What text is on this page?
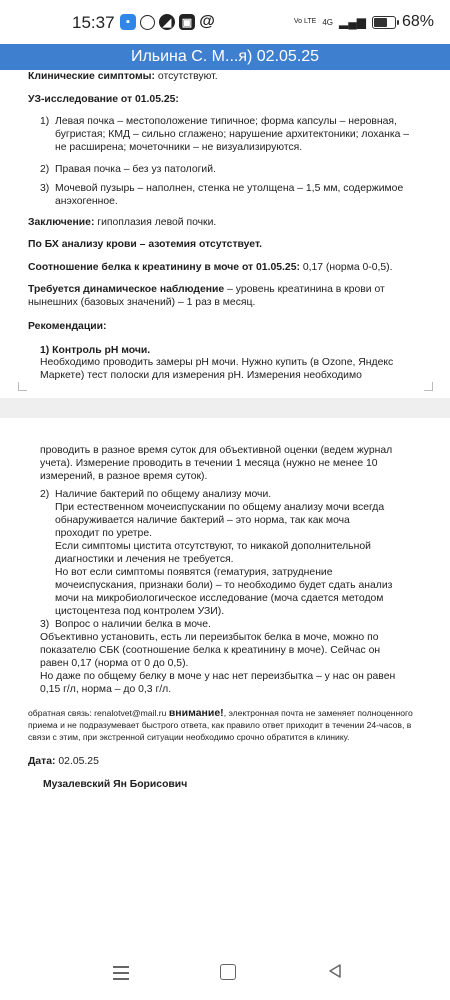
15:37	▪	◢ ▣ @	Vo LTE 4G ▂▄▆ 68%
Ильина С. М...я) 02.05.25
Клинические симптомы: отсутствуют.
УЗ-исследование от 01.05.25:
1) Левая почка – местоположение типичное; форма капсулы – неровная, бугристая; КМД – сильно сглажено; нарушение архитектоники; лоханка – не расширена; мочеточники – не визуализируются.
2) Правая почка – без уз патологий.
3) Мочевой пузырь – наполнен, стенка не утолщена – 1,5 мм, содержимое анэхогенное.
Заключение: гипоплазия левой почки.
По БХ анализу крови – азотемия отсутствует.
Соотношение белка к креатинину в моче от 01.05.25: 0,17 (норма 0-0,5).
Требуется динамическое наблюдение – уровень креатинина в крови от нынешних (базовых значений) – 1 раз в месяц.
Рекомендации:
1) Контроль pH мочи.
Необходимо проводить замеры pH мочи. Нужно купить (в Ozone, Яндекс Маркете) тест полоски для измерения pH. Измерения необходимо
проводить в разное время суток для объективной оценки (ведем журнал учета). Измерение проводить в течении 1 месяца (нужно не менее 10 измерений, в разное время суток).
2) Наличие бактерий по общему анализу мочи.
При естественном мочеиспускании по общему анализу мочи всегда обнаруживается наличие бактерий – это норма, так как моча проходит по уретре.
Если симптомы цистита отсутствуют, то никакой дополнительной диагностики и лечения не требуется.
Но вот если симптомы появятся (гематурия, затруднение мочеиспускания, признаки боли) – то необходимо будет сдать анализ мочи на микробиологическое исследование (моча сдается методом цистоцентеза под контролем УЗИ).
3) Вопрос о наличии белка в моче.
Объективно установить, есть ли переизбыток белка в моче, можно по показателю СБК (соотношение белка к креатинину в моче). Сейчас он равен 0,17 (норма от 0 до 0,5).
Но даже по общему белку в моче у нас нет переизбытка – у нас он равен 0,15 г/л, норма – до 0,3 г/л.
обратная связь: renalotvet@mail.ru внимание!, электронная почта не заменяет полноценного приема и не подразумевает быстрого ответа, как правило ответ приходит в течении 24-часов, в связи с этим, при экстренной ситуации необходимо срочно обратится в клинику.
Дата: 02.05.25
Музалевский Ян Борисович
